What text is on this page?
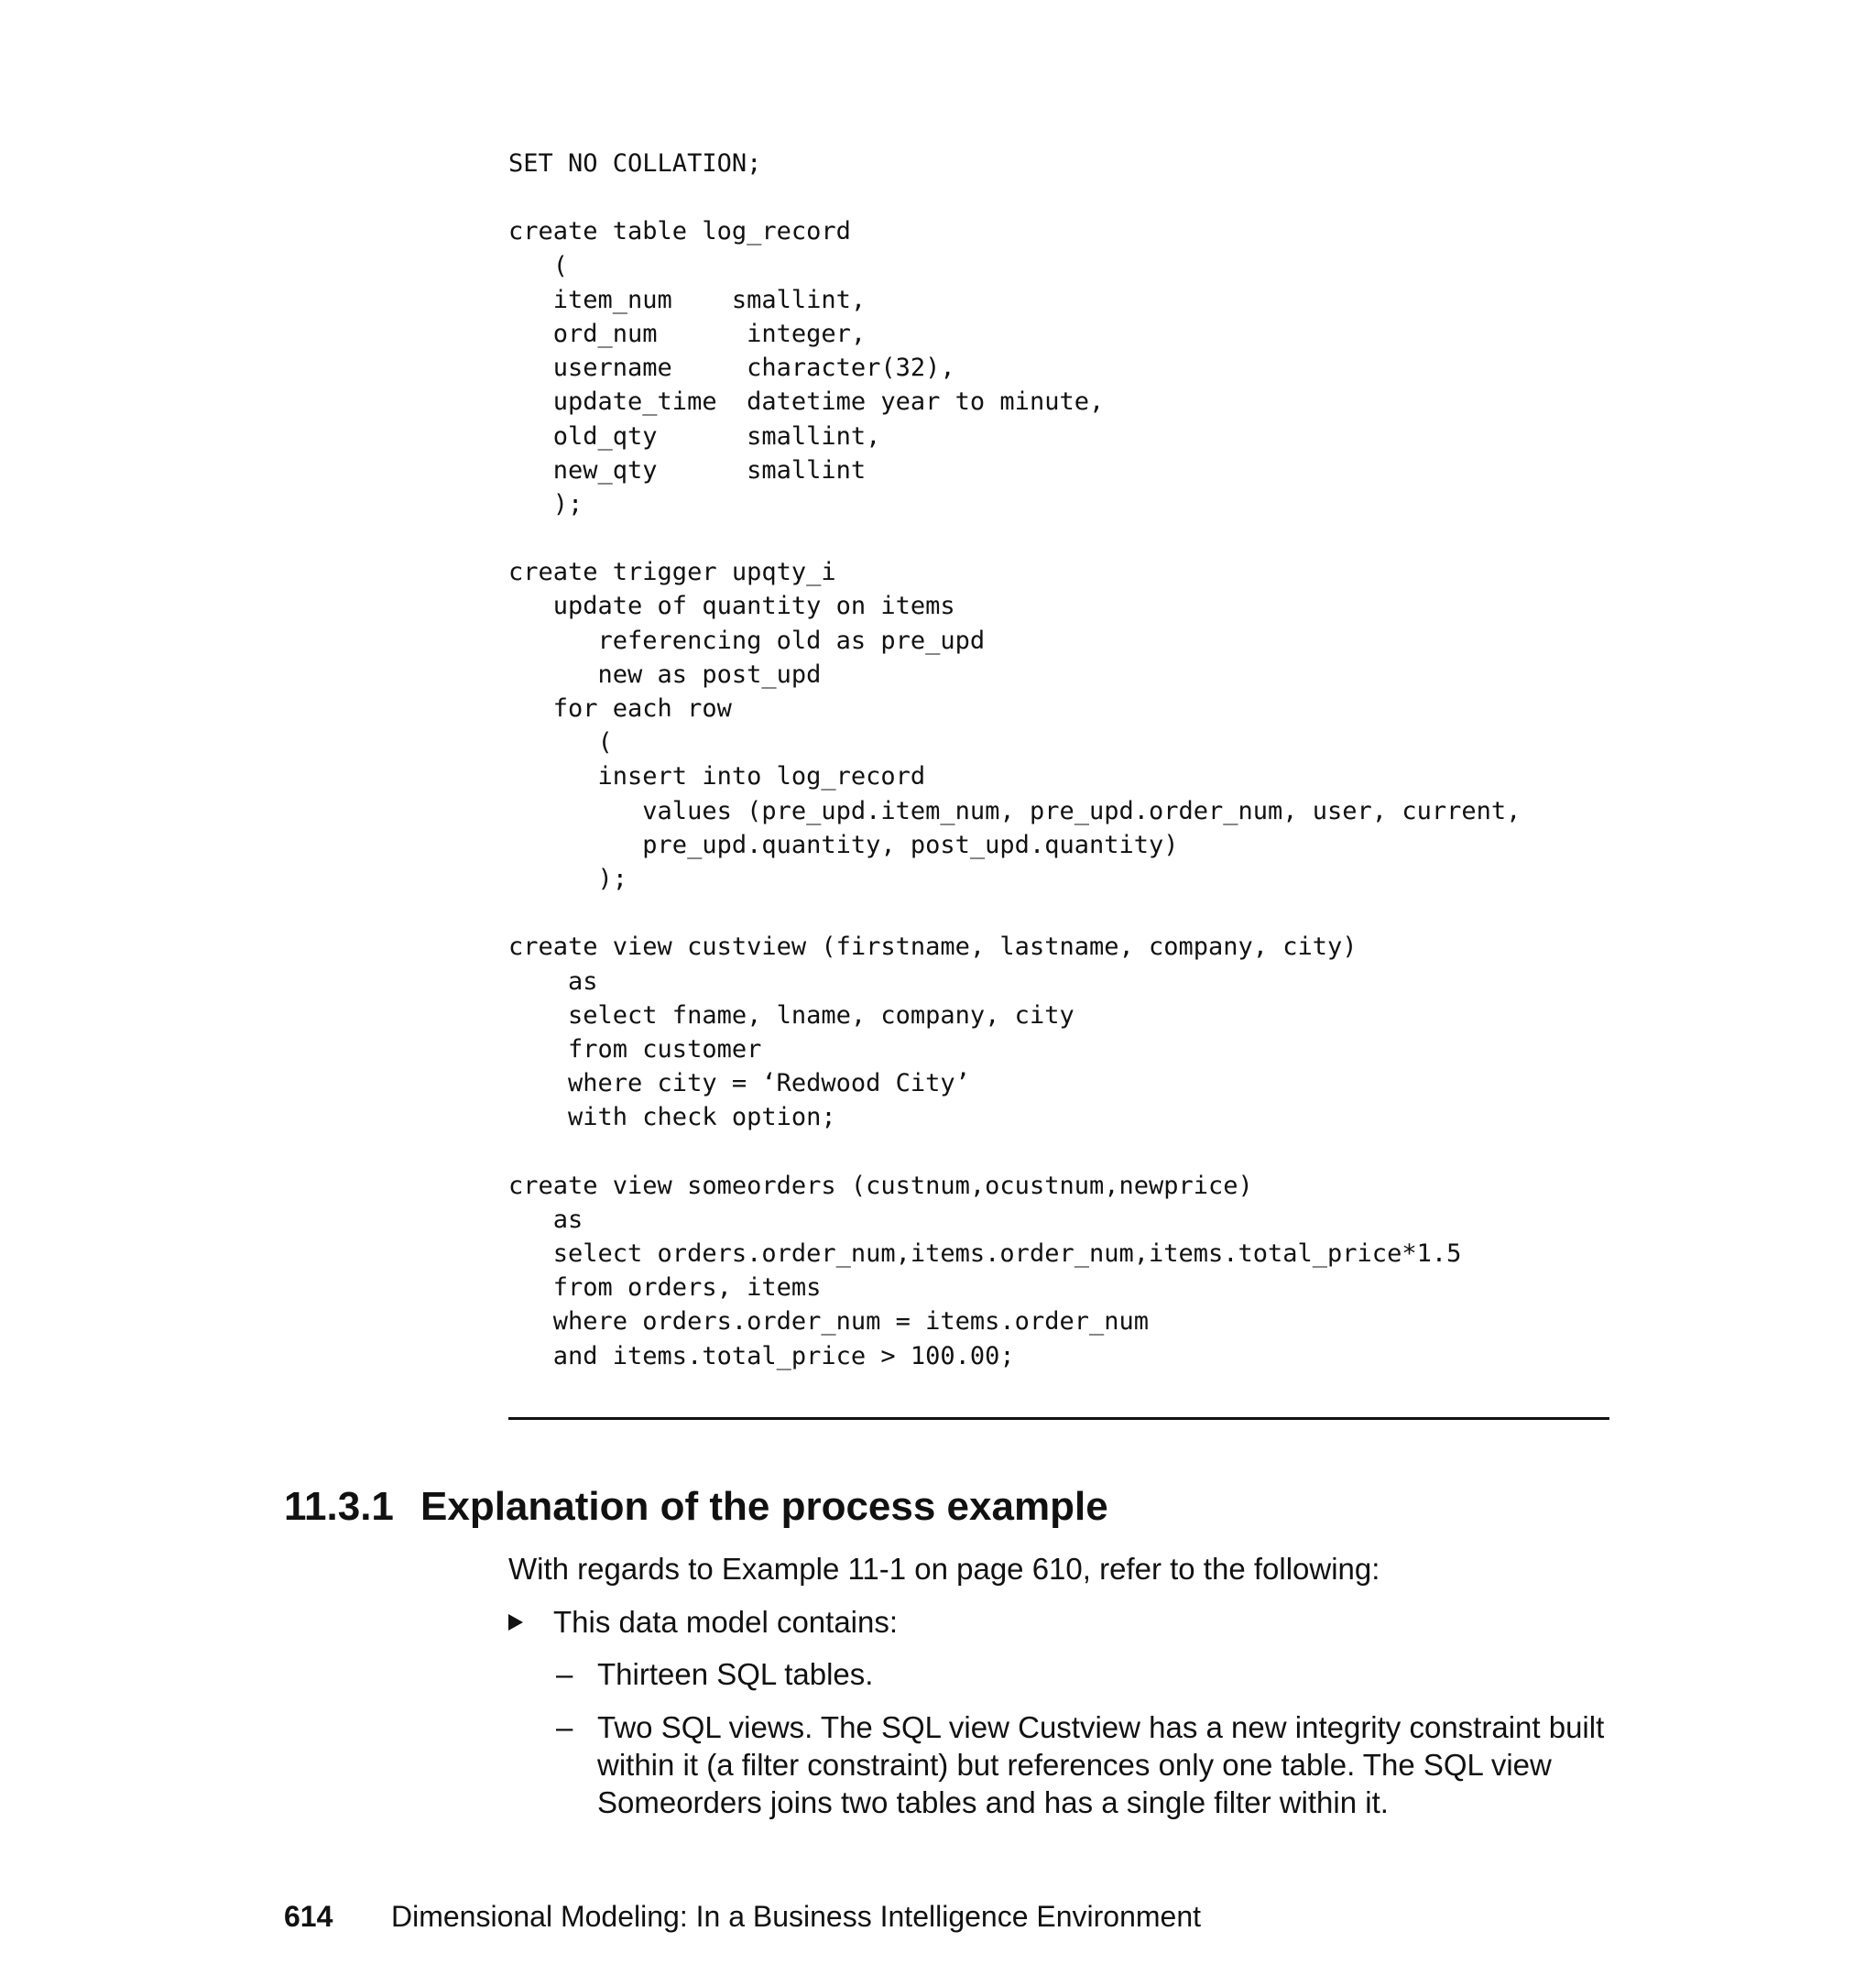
SET NO COLLATION;
create table log_record
(
item_num    smallint,
ord_num      integer,
username     character(32),
update_time  datetime year to minute,
old_qty      smallint,
new_qty      smallint
);
create trigger upqty_i
update of quantity on items
referencing old as pre_upd
new as post_upd
for each row
(
insert into log_record
values (pre_upd.item_num, pre_upd.order_num, user, current,
pre_upd.quantity, post_upd.quantity)
);
create view custview (firstname, lastname, company, city)
as
select fname, lname, company, city
from customer
where city = ‘Redwood City’
with check option;
create view someorders (custnum,ocustnum,newprice)
as
select orders.order_num,items.order_num,items.total_price*1.5
from orders, items
where orders.order_num = items.order_num
and items.total_price > 100.00;
11.3.1 Explanation of the process example

With regards to Example 11-1 on page 610, refer to the following:

This data model contains:
– Thirteen SQL tables.
– Two SQL views. The SQL view Custview has a new integrity constraint built within it (a filter constraint) but references only one table. The SQL view Someorders joins two tables and has a single filter within it.
614 Dimensional Modeling: In a Business Intelligence Environment
